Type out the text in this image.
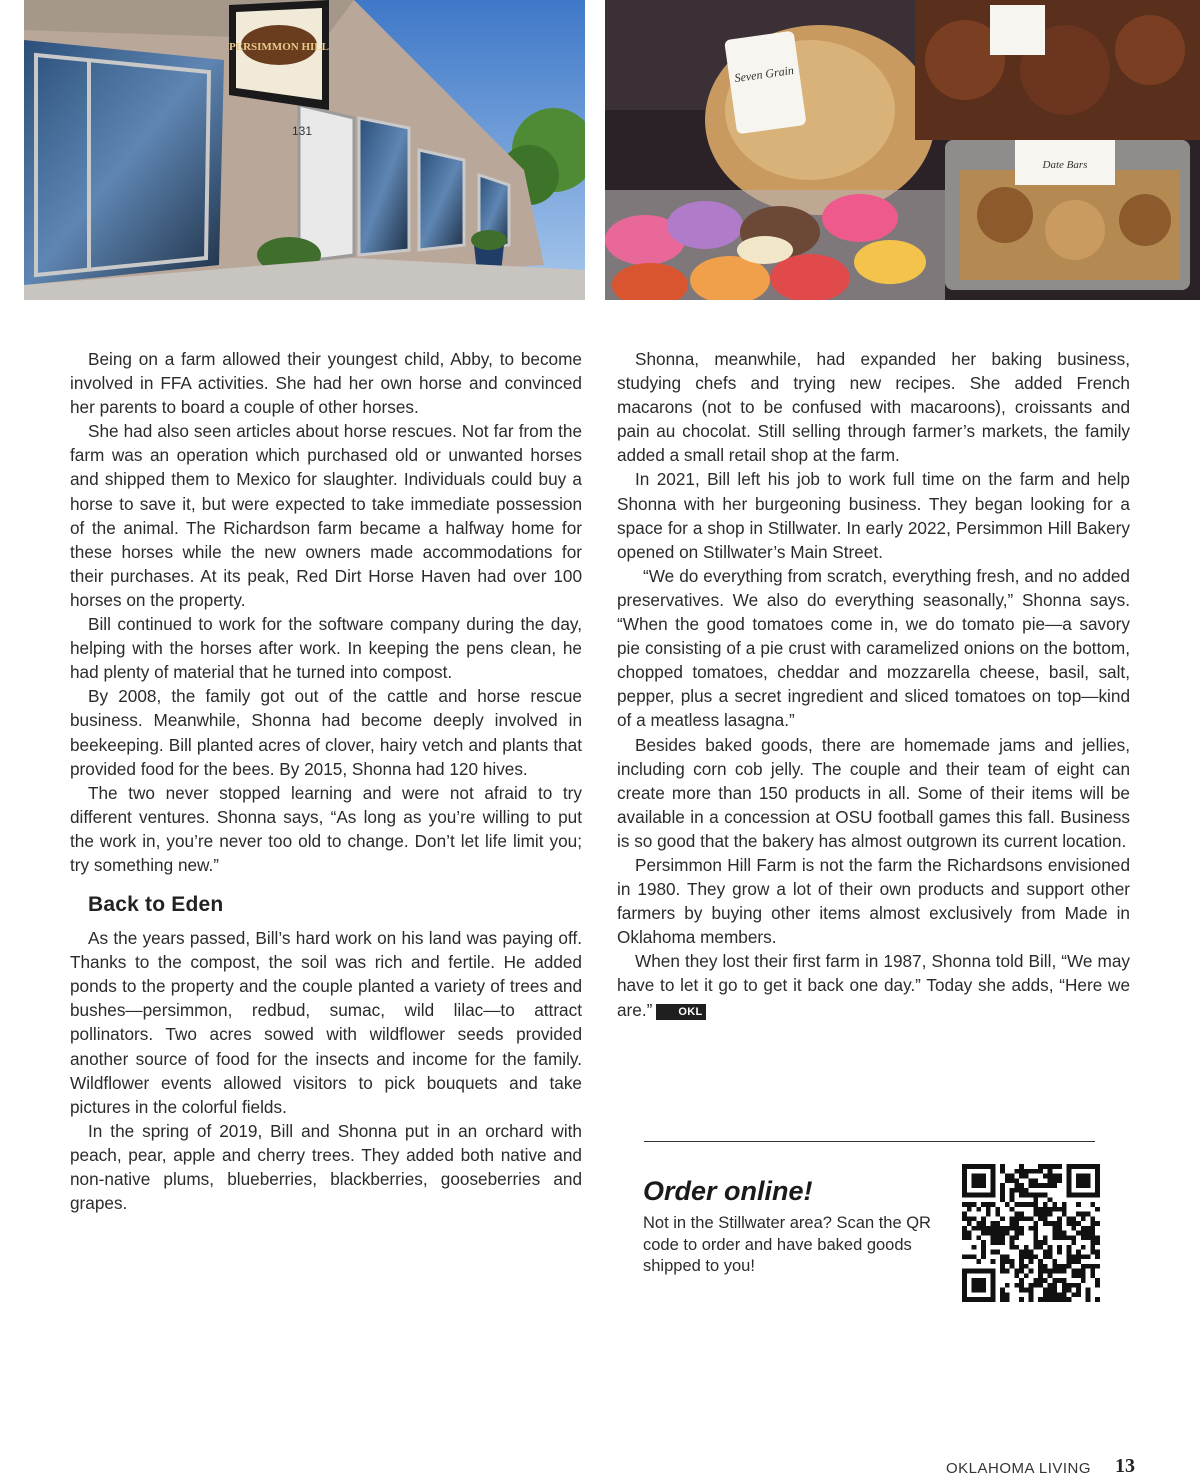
PERSIMMON HILL
131
Seven Grain
Date Bars

Being on a farm allowed their youngest child, Abby, to become involved in FFA activities. She had her own horse and convinced her parents to board a couple of other horses.

She had also seen articles about horse rescues. Not far from the farm was an operation which purchased old or unwanted horses and shipped them to Mexico for slaughter. Individuals could buy a horse to save it, but were expected to take immediate possession of the animal. The Richardson farm became a halfway home for these horses while the new owners made accommodations for their purchases. At its peak, Red Dirt Horse Haven had over 100 horses on the property.

Bill continued to work for the software company during the day, helping with the horses after work. In keeping the pens clean, he had plenty of material that he turned into compost.

By 2008, the family got out of the cattle and horse rescue business. Meanwhile, Shonna had become deeply involved in beekeeping. Bill planted acres of clover, hairy vetch and plants that provided food for the bees. By 2015, Shonna had 120 hives.

The two never stopped learning and were not afraid to try different ventures. Shonna says, “As long as you’re willing to put the work in, you’re never too old to change. Don’t let life limit you; try something new.”

Back to Eden

As the years passed, Bill’s hard work on his land was paying off. Thanks to the compost, the soil was rich and fertile. He added ponds to the property and the couple planted a variety of trees and bushes—persimmon, redbud, sumac, wild lilac—to attract pollinators. Two acres sowed with wildflower seeds provided another source of food for the insects and income for the family. Wildflower events allowed visitors to pick bouquets and take pictures in the colorful fields.

In the spring of 2019, Bill and Shonna put in an orchard with peach, pear, apple and cherry trees. They added both native and non-native plums, blueberries, blackberries, gooseberries and grapes.

Shonna, meanwhile, had expanded her baking business, studying chefs and trying new recipes. She added French macarons (not to be confused with macaroons), croissants and pain au chocolat. Still selling through farmer’s markets, the family added a small retail shop at the farm.

In 2021, Bill left his job to work full time on the farm and help Shonna with her burgeoning business. They began looking for a space for a shop in Stillwater. In early 2022, Persimmon Hill Bakery opened on Stillwater’s Main Street.

“We do everything from scratch, everything fresh, and no added preservatives. We also do everything seasonally,” Shonna says. “When the good tomatoes come in, we do tomato pie—a savory pie consisting of a pie crust with caramelized onions on the bottom, chopped tomatoes, cheddar and mozzarella cheese, basil, salt, pepper, plus a secret ingredient and sliced tomatoes on top—kind of a meatless lasagna.”

Besides baked goods, there are homemade jams and jellies, including corn cob jelly. The couple and their team of eight can create more than 150 products in all. Some of their items will be available in a concession at OSU football games this fall. Business is so good that the bakery has almost outgrown its current location.

Persimmon Hill Farm is not the farm the Richardsons envisioned in 1980. They grow a lot of their own products and support other farmers by buying other items almost exclusively from Made in Oklahoma members.

When they lost their first farm in 1987, Shonna told Bill, “We may have to let it go to get it back one day.” Today she adds, “Here we are.” OKL

Order online!
Not in the Stillwater area? Scan the QR code to order and have baked goods shipped to you!
OKLAHOMA LIVING 13
